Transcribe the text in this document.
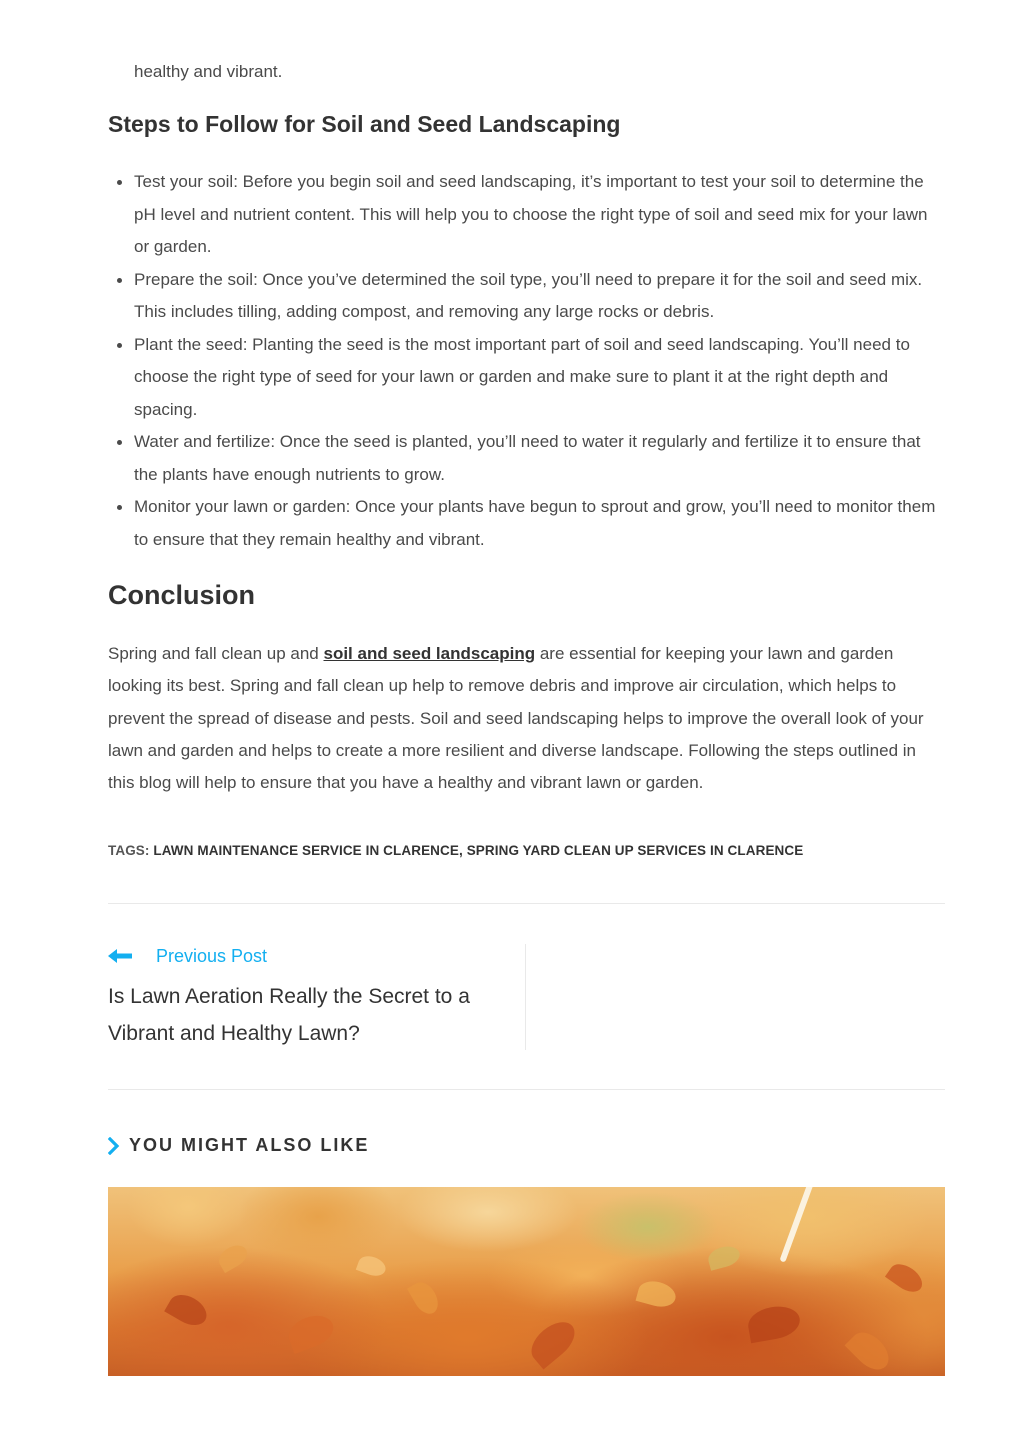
healthy and vibrant.

Steps to Follow for Soil and Seed Landscaping
Test your soil: Before you begin soil and seed landscaping, it’s important to test your soil to determine the pH level and nutrient content. This will help you to choose the right type of soil and seed mix for your lawn or garden.
Prepare the soil: Once you’ve determined the soil type, you’ll need to prepare it for the soil and seed mix. This includes tilling, adding compost, and removing any large rocks or debris.
Plant the seed: Planting the seed is the most important part of soil and seed landscaping. You’ll need to choose the right type of seed for your lawn or garden and make sure to plant it at the right depth and spacing.
Water and fertilize: Once the seed is planted, you’ll need to water it regularly and fertilize it to ensure that the plants have enough nutrients to grow.
Monitor your lawn or garden: Once your plants have begun to sprout and grow, you’ll need to monitor them to ensure that they remain healthy and vibrant.
Conclusion

Spring and fall clean up and soil and seed landscaping are essential for keeping your lawn and garden looking its best. Spring and fall clean up help to remove debris and improve air circulation, which helps to prevent the spread of disease and pests. Soil and seed landscaping helps to improve the overall look of your lawn and garden and helps to create a more resilient and diverse landscape. Following the steps outlined in this blog will help to ensure that you have a healthy and vibrant lawn or garden.

TAGS: LAWN MAINTENANCE SERVICE IN CLARENCE, SPRING YARD CLEAN UP SERVICES IN CLARENCE
Previous Post
Is Lawn Aeration Really the Secret to a Vibrant and Healthy Lawn?
YOU MIGHT ALSO LIKE
